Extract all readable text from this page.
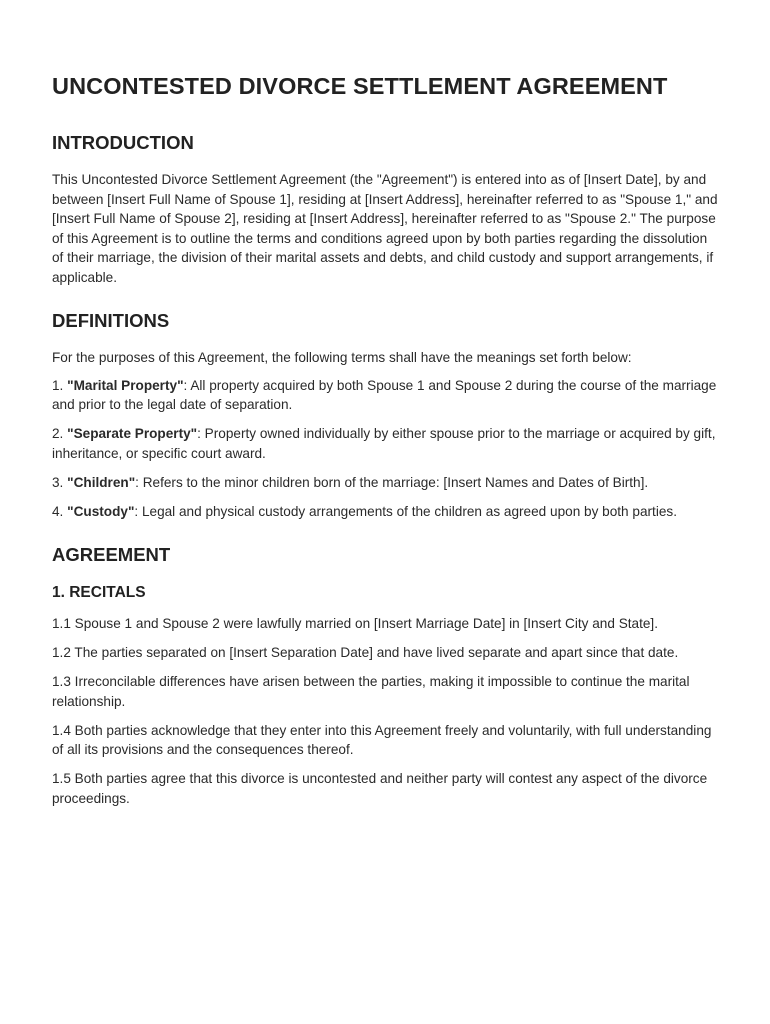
UNCONTESTED DIVORCE SETTLEMENT AGREEMENT
INTRODUCTION

This Uncontested Divorce Settlement Agreement (the "Agreement") is entered into as of [Insert Date], by and between [Insert Full Name of Spouse 1], residing at [Insert Address], hereinafter referred to as "Spouse 1," and [Insert Full Name of Spouse 2], residing at [Insert Address], hereinafter referred to as "Spouse 2." The purpose of this Agreement is to outline the terms and conditions agreed upon by both parties regarding the dissolution of their marriage, the division of their marital assets and debts, and child custody and support arrangements, if applicable.

DEFINITIONS

For the purposes of this Agreement, the following terms shall have the meanings set forth below:

1. "Marital Property": All property acquired by both Spouse 1 and Spouse 2 during the course of the marriage and prior to the legal date of separation.

2. "Separate Property": Property owned individually by either spouse prior to the marriage or acquired by gift, inheritance, or specific court award.

3. "Children": Refers to the minor children born of the marriage: [Insert Names and Dates of Birth].

4. "Custody": Legal and physical custody arrangements of the children as agreed upon by both parties.

AGREEMENT
1. RECITALS

1.1 Spouse 1 and Spouse 2 were lawfully married on [Insert Marriage Date] in [Insert City and State].

1.2 The parties separated on [Insert Separation Date] and have lived separate and apart since that date.

1.3 Irreconcilable differences have arisen between the parties, making it impossible to continue the marital relationship.

1.4 Both parties acknowledge that they enter into this Agreement freely and voluntarily, with full understanding of all its provisions and the consequences thereof.

1.5 Both parties agree that this divorce is uncontested and neither party will contest any aspect of the divorce proceedings.
